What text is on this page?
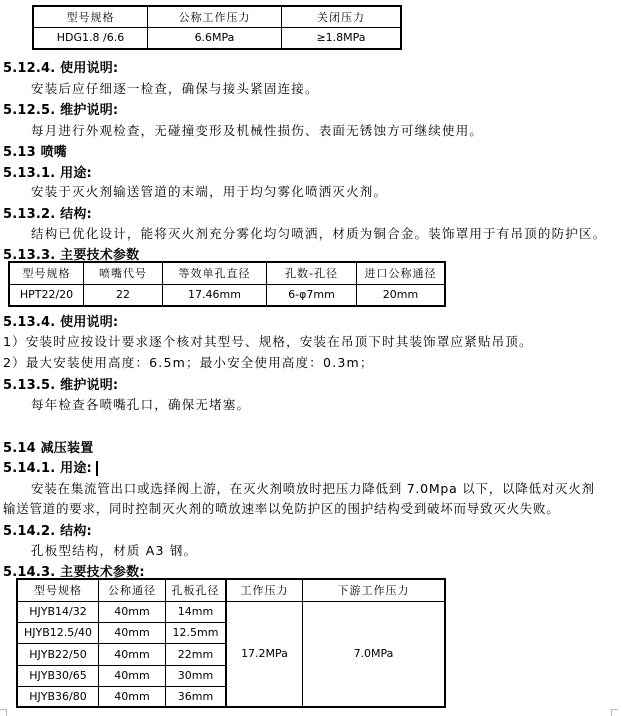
型号规格	公称工作压力	关闭压力
HDG1.8 /6.6	6.6MPa	≥1.8MPa
5.12.4. 使用说明:
安装后应仔细逐一检查，确保与接头紧固连接。
5.12.5. 维护说明:
每月进行外观检查，无碰撞变形及机械性损伤、表面无锈蚀方可继续使用。
5.13 喷嘴
5.13.1. 用途:
安装于灭火剂输送管道的末端，用于均匀雾化喷洒灭火剂。
5.13.2. 结构:
结构已优化设计，能将灭火剂充分雾化均匀喷洒，材质为铜合金。装饰罩用于有吊顶的防护区。
5.13.3. 主要技术参数
型号规格	喷嘴代号	等效单孔直径	孔数-孔径	进口公称通径
HPT22/20	22	17.46mm	6-φ7mm	20mm
5.13.4. 使用说明:
1）安装时应按设计要求逐个核对其型号、规格，安装在吊顶下时其装饰罩应紧贴吊顶。
2）最大安装使用高度：6.5m；最小安全使用高度：0.3m；
5.13.5. 维护说明:
每年检查各喷嘴孔口，确保无堵塞。
5.14 减压装置
5.14.1. 用途:
安装在集流管出口或选择阀上游，在灭火剂喷放时把压力降低到 7.0Mpa 以下，以降低对灭火剂
输送管道的要求，同时控制灭火剂的喷放速率以免防护区的围护结构受到破坏而导致灭火失败。
5.14.2. 结构:
孔板型结构，材质 A3 钢。
5.14.3. 主要技术参数:
型号规格	公称通径	孔板孔径	工作压力	下游工作压力
HJYB14/32	40mm	14mm	17.2MPa	7.0MPa
HJYB12.5/40	40mm	12.5mm		
HJYB22/50	40mm	22mm		
HJYB30/65	40mm	30mm		
HJYB36/80	40mm	36mm		
